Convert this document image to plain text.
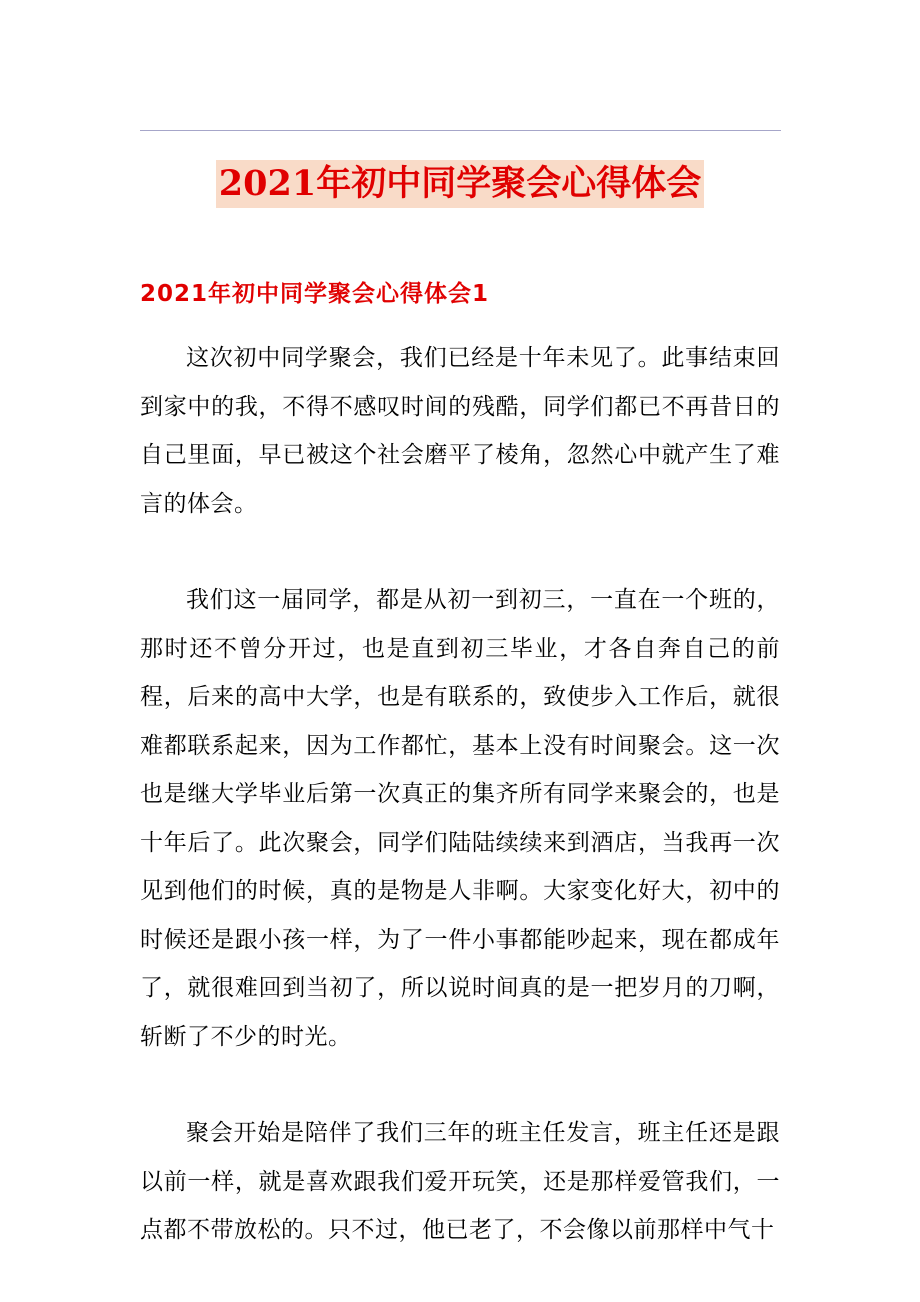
2021年初中同学聚会心得体会
2021年初中同学聚会心得体会1

这次初中同学聚会，我们已经是十年未见了。此事结束回到家中的我，不得不感叹时间的残酷，同学们都已不再昔日的自己里面，早已被这个社会磨平了棱角，忽然心中就产生了难言的体会。

我们这一届同学，都是从初一到初三，一直在一个班的，那时还不曾分开过，也是直到初三毕业，才各自奔自己的前程，后来的高中大学，也是有联系的，致使步入工作后，就很难都联系起来，因为工作都忙，基本上没有时间聚会。这一次也是继大学毕业后第一次真正的集齐所有同学来聚会的，也是十年后了。此次聚会，同学们陆陆续续来到酒店，当我再一次见到他们的时候，真的是物是人非啊。大家变化好大，初中的时候还是跟小孩一样，为了一件小事都能吵起来，现在都成年了，就很难回到当初了，所以说时间真的是一把岁月的刀啊，斩断了不少的时光。

聚会开始是陪伴了我们三年的班主任发言，班主任还是跟以前一样，就是喜欢跟我们爱开玩笑，还是那样爱管我们，一点都不带放松的。只不过，他已老了，不会像以前那样中气十
